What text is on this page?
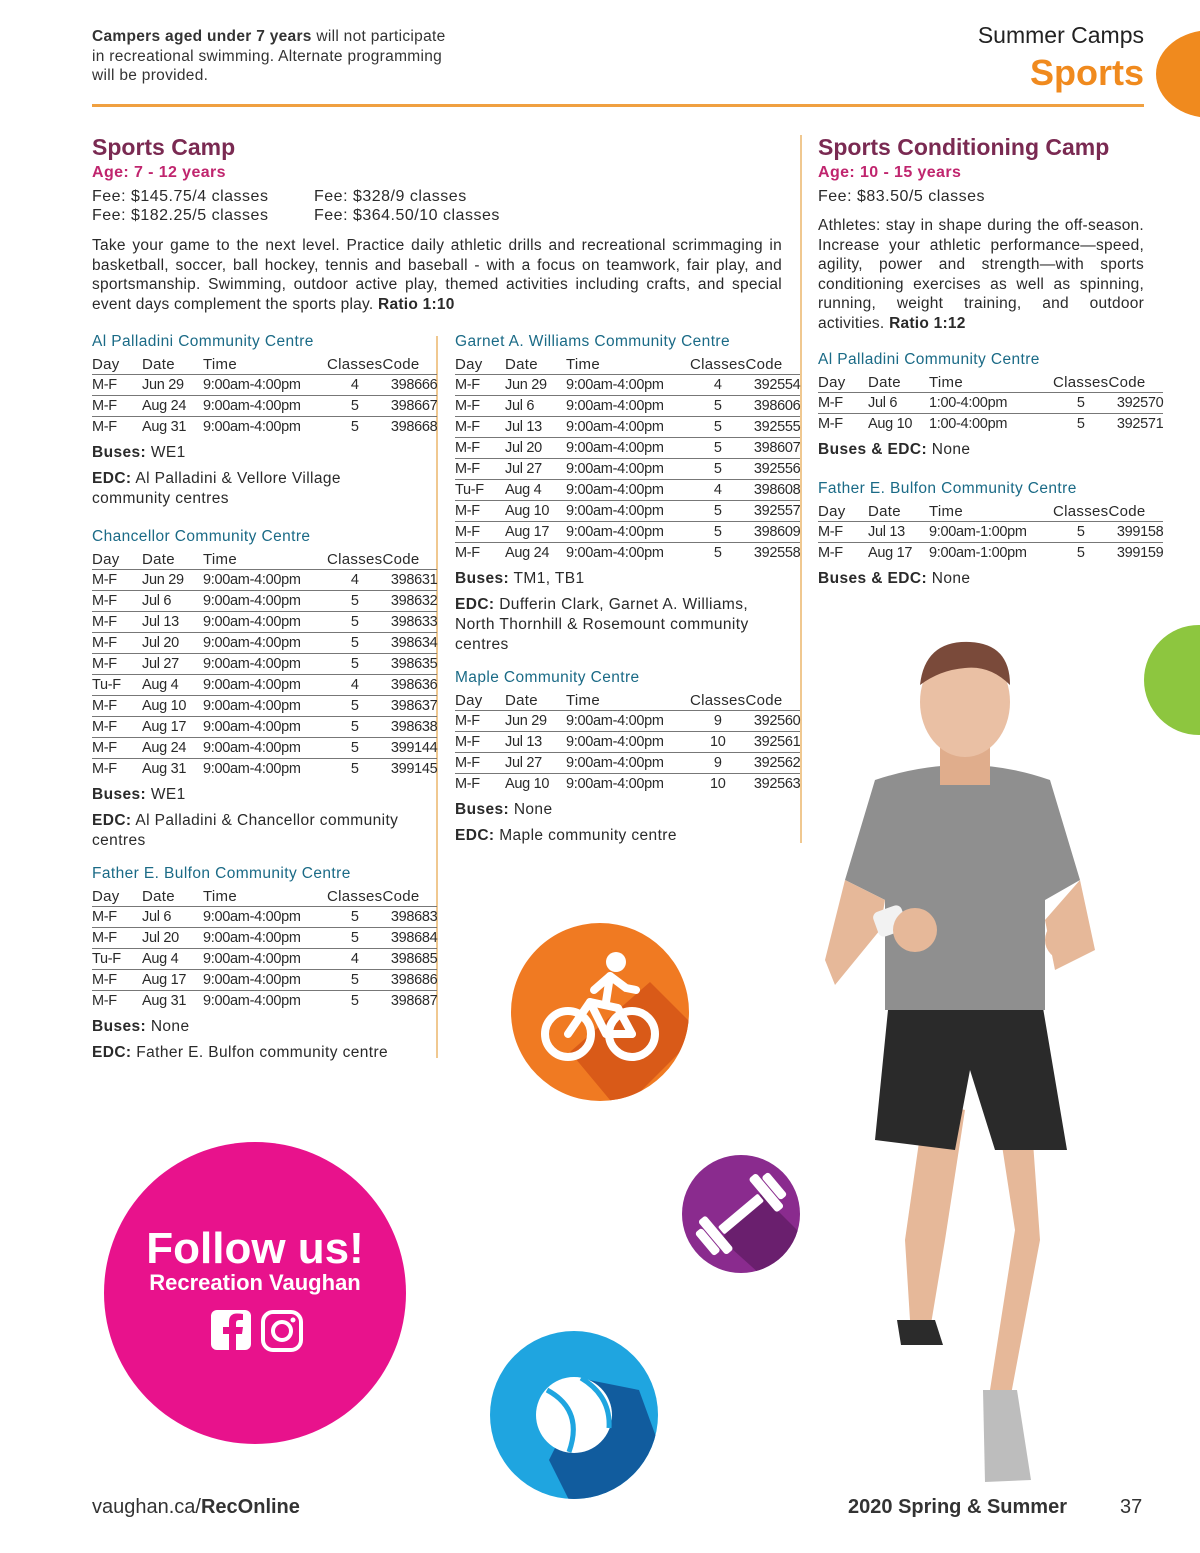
Campers aged under 7 years will not participate in recreational swimming. Alternate programming will be provided.
Summer Camps
Sports
Sports Camp
Age: 7 - 12 years
Fee: $145.75/4 classes	Fee: $328/9 classes
Fee: $182.25/5 classes	Fee: $364.50/10 classes
Take your game to the next level. Practice daily athletic drills and recreational scrimmaging in basketball, soccer, ball hockey, tennis and baseball - with a focus on teamwork, fair play, and sportsmanship. Swimming, outdoor active play, themed activities including crafts, and special event days complement the sports play. Ratio 1:10
Al Palladini Community Centre
Day	Date	Time	Classes	Code
M-F	Jun 29	9:00am-4:00pm	4	398666
M-F	Aug 24	9:00am-4:00pm	5	398667
M-F	Aug 31	9:00am-4:00pm	5	398668
Buses: WE1
EDC: Al Palladini & Vellore Village community centres
Chancellor Community Centre
Day	Date	Time	Classes	Code
M-F	Jun 29	9:00am-4:00pm	4	398631
M-F	Jul 6	9:00am-4:00pm	5	398632
M-F	Jul 13	9:00am-4:00pm	5	398633
M-F	Jul 20	9:00am-4:00pm	5	398634
M-F	Jul 27	9:00am-4:00pm	5	398635
Tu-F	Aug 4	9:00am-4:00pm	4	398636
M-F	Aug 10	9:00am-4:00pm	5	398637
M-F	Aug 17	9:00am-4:00pm	5	398638
M-F	Aug 24	9:00am-4:00pm	5	399144
M-F	Aug 31	9:00am-4:00pm	5	399145
Buses: WE1
EDC: Al Palladini & Chancellor community centres
Father E. Bulfon Community Centre
Day	Date	Time	Classes	Code
M-F	Jul 6	9:00am-4:00pm	5	398683
M-F	Jul 20	9:00am-4:00pm	5	398684
Tu-F	Aug 4	9:00am-4:00pm	4	398685
M-F	Aug 17	9:00am-4:00pm	5	398686
M-F	Aug 31	9:00am-4:00pm	5	398687
Buses: None
EDC: Father E. Bulfon community centre
Garnet A. Williams Community Centre
Day	Date	Time	Classes	Code
M-F	Jun 29	9:00am-4:00pm	4	392554
M-F	Jul 6	9:00am-4:00pm	5	398606
M-F	Jul 13	9:00am-4:00pm	5	392555
M-F	Jul 20	9:00am-4:00pm	5	398607
M-F	Jul 27	9:00am-4:00pm	5	392556
Tu-F	Aug 4	9:00am-4:00pm	4	398608
M-F	Aug 10	9:00am-4:00pm	5	392557
M-F	Aug 17	9:00am-4:00pm	5	398609
M-F	Aug 24	9:00am-4:00pm	5	392558
Buses: TM1, TB1
EDC: Dufferin Clark, Garnet A. Williams, North Thornhill & Rosemount community centres
Maple Community Centre
Day	Date	Time	Classes	Code
M-F	Jun 29	9:00am-4:00pm	9	392560
M-F	Jul 13	9:00am-4:00pm	10	392561
M-F	Jul 27	9:00am-4:00pm	9	392562
M-F	Aug 10	9:00am-4:00pm	10	392563
Buses: None
EDC: Maple community centre
Sports Conditioning Camp
Age: 10 - 15 years
Fee: $83.50/5 classes
Athletes: stay in shape during the off-season. Increase your athletic performance—speed, agility, power and strength—with sports conditioning exercises as well as spinning, running, weight training, and outdoor activities. Ratio 1:12
Al Palladini Community Centre
Day	Date	Time	Classes	Code
M-F	Jul 6	1:00-4:00pm	5	392570
M-F	Aug 10	1:00-4:00pm	5	392571
Buses & EDC: None
Father E. Bulfon Community Centre
Day	Date	Time	Classes	Code
M-F	Jul 13	9:00am-1:00pm	5	399158
M-F	Aug 17	9:00am-1:00pm	5	399159
Buses & EDC: None
Follow us!
Recreation Vaughan
vaughan.ca/RecOnline	2020 Spring & Summer	37
